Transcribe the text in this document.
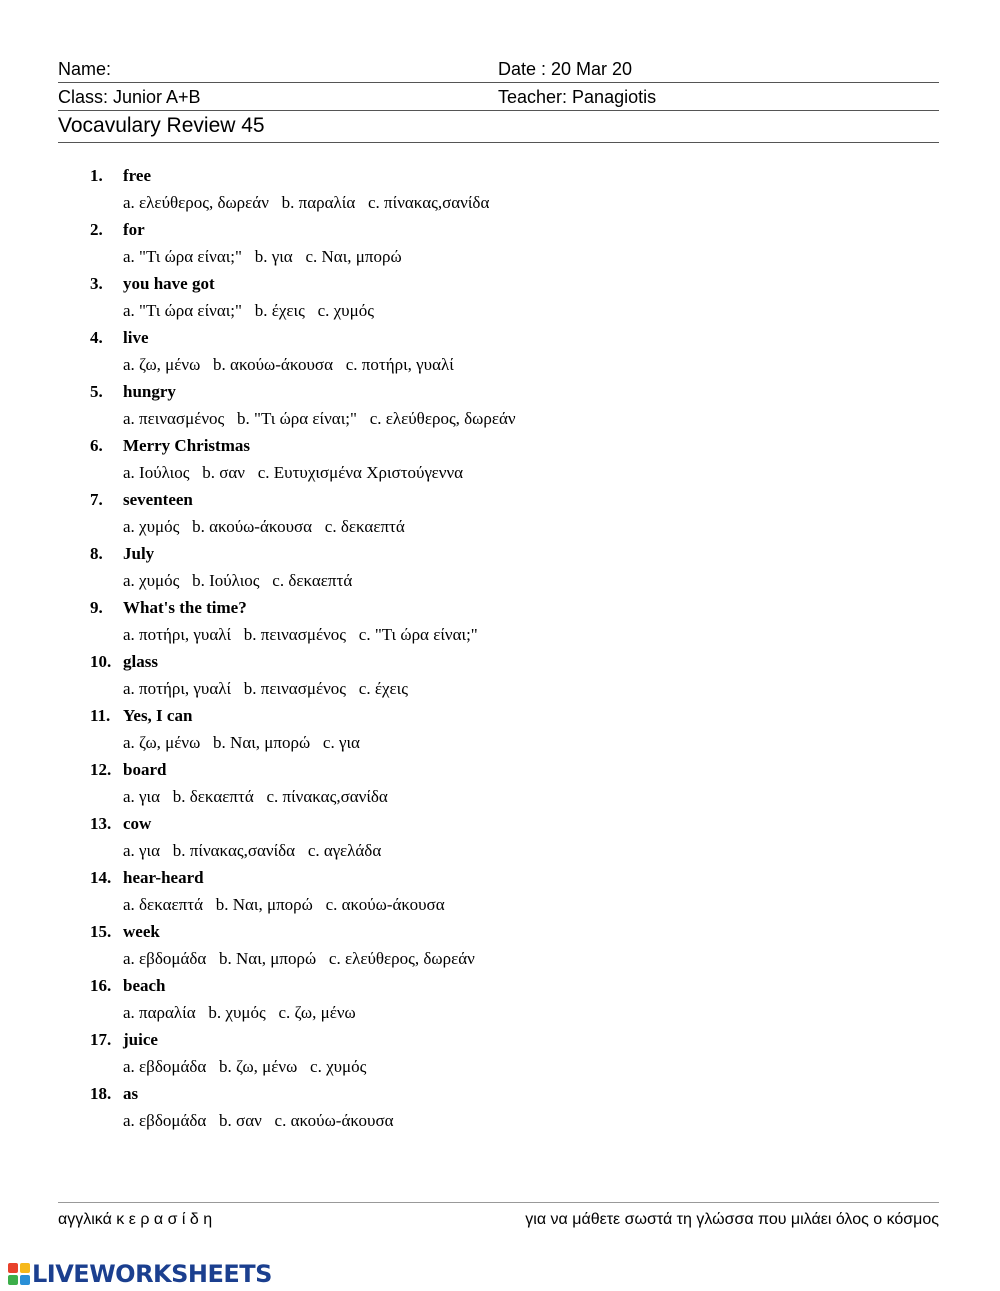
Name:	Date : 20 Mar 20
Class: Junior A+B	Teacher: Panagiotis
Vocavulary Review 45
1.	free
a. ελεύθερος, δωρεάν   b. παραλία   c. πίνακας,σανίδα
2.	for
a. "Τι ώρα είναι;"   b. για   c. Ναι, μπορώ
3.	you have got
a. "Τι ώρα είναι;"   b. έχεις   c. χυμός
4.	live
a. ζω, μένω   b. ακούω-άκουσα   c. ποτήρι, γυαλί
5.	hungry
a. πεινασμένος   b. "Τι ώρα είναι;"   c. ελεύθερος, δωρεάν
6.	Merry Christmas
a. Ιούλιος   b. σαν   c. Ευτυχισμένα Χριστούγεννα
7.	seventeen
a. χυμός   b. ακούω-άκουσα   c. δεκαεπτά
8.	July
a. χυμός   b. Ιούλιος   c. δεκαεπτά
9.	What's the time?
a. ποτήρι, γυαλί   b. πεινασμένος   c. "Τι ώρα είναι;"
10. glass
a. ποτήρι, γυαλί   b. πεινασμένος   c. έχεις
11. Yes, I can
a. ζω, μένω   b. Ναι, μπορώ   c. για
12. board
a. για   b. δεκαεπτά   c. πίνακας,σανίδα
13. cow
a. για   b. πίνακας,σανίδα   c. αγελάδα
14. hear-heard
a. δεκαεπτά   b. Ναι, μπορώ   c. ακούω-άκουσα
15. week
a. εβδομάδα   b. Ναι, μπορώ   c. ελεύθερος, δωρεάν
16. beach
a. παραλία   b. χυμός   c. ζω, μένω
17. juice
a. εβδομάδα   b. ζω, μένω   c. χυμός
18. as
a. εβδομάδα   b. σαν   c. ακούω-άκουσα
αγγλικά κ ε ρ α σ ί δ η	για να μάθετε σωστά τη γλώσσα που μιλάει όλος ο κόσμος
LIVEWORKSHEETS
